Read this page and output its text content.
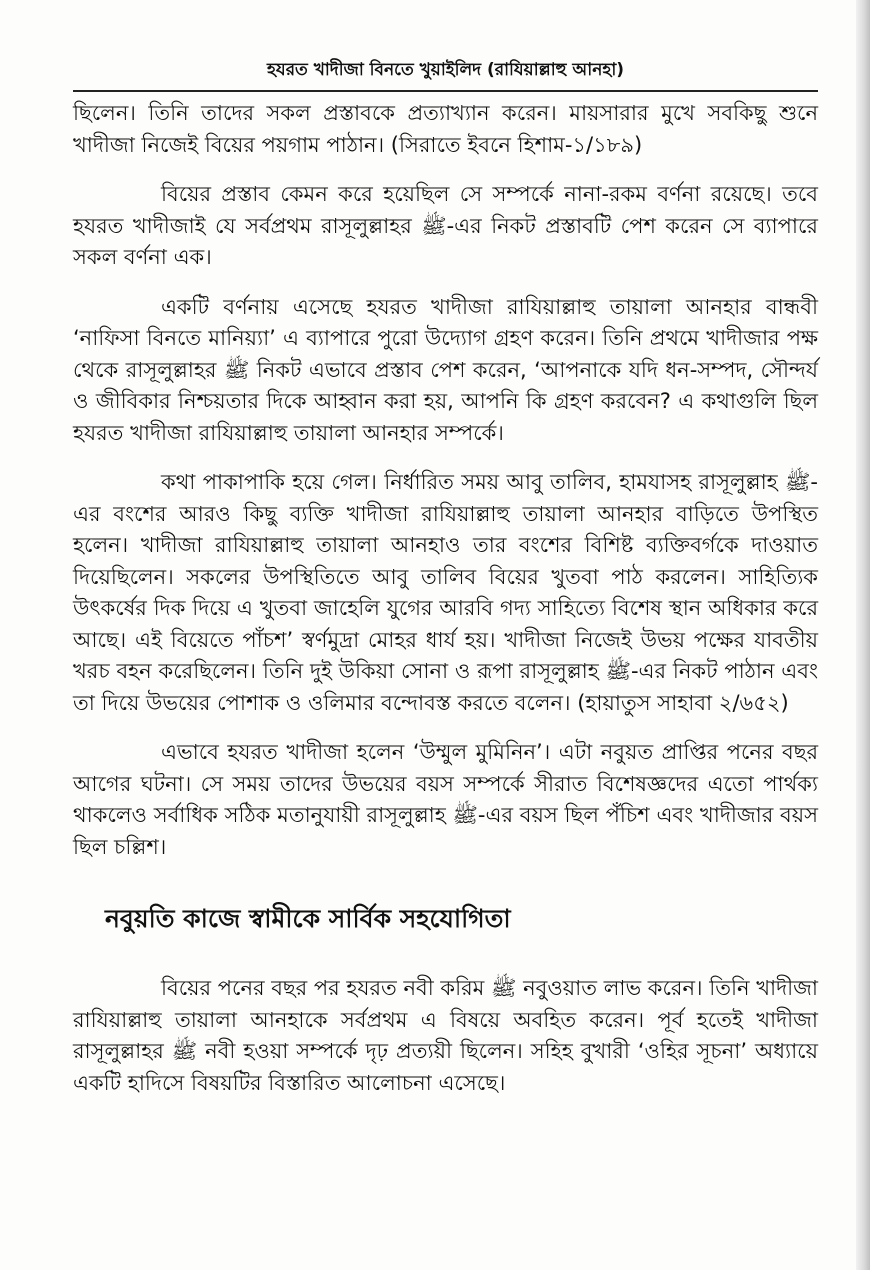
হযরত খাদীজা বিনতে খুয়াইলিদ (রাযিয়াল্লাহু আনহা)

ছিলেন। তিনি তাদের সকল প্রস্তাবকে প্রত্যাখ্যান করেন। মায়সারার মুখে সবকিছু শুনে খাদীজা নিজেই বিয়ের পয়গাম পাঠান। (সিরাতে ইবনে হিশাম-১/১৮৯)

বিয়ের প্রস্তাব কেমন করে হয়েছিল সে সম্পর্কে নানা-রকম বর্ণনা রয়েছে। তবে হযরত খাদীজাই যে সর্বপ্রথম রাসূলুল্লাহর ﷺ-এর নিকট প্রস্তাবটি পেশ করেন সে ব্যাপারে সকল বর্ণনা এক।

একটি বর্ণনায় এসেছে হযরত খাদীজা রাযিয়াল্লাহু তায়ালা আনহার বান্ধবী ‘নাফিসা বিনতে মানিয়্যা’ এ ব্যাপারে পুরো উদ্যোগ গ্রহণ করেন। তিনি প্রথমে খাদীজার পক্ষ থেকে রাসূলুল্লাহর ﷺ নিকট এভাবে প্রস্তাব পেশ করেন, ‘আপনাকে যদি ধন-সম্পদ, সৌন্দর্য ও জীবিকার নিশ্চয়তার দিকে আহ্বান করা হয়, আপনি কি গ্রহণ করবেন? এ কথাগুলি ছিল হযরত খাদীজা রাযিয়াল্লাহু তায়ালা আনহার সম্পর্কে।

কথা পাকাপাকি হয়ে গেল। নির্ধারিত সময় আবু তালিব, হামযাসহ রাসূলুল্লাহ ﷺ-এর বংশের আরও কিছু ব্যক্তি খাদীজা রাযিয়াল্লাহু তায়ালা আনহার বাড়িতে উপস্থিত হলেন। খাদীজা রাযিয়াল্লাহু তায়ালা আনহাও তার বংশের বিশিষ্ট ব্যক্তিবর্গকে দাওয়াত দিয়েছিলেন। সকলের উপস্থিতিতে আবু তালিব বিয়ের খুতবা পাঠ করলেন। সাহিত্যিক উৎকর্ষের দিক দিয়ে এ খুতবা জাহেলি যুগের আরবি গদ্য সাহিত্যে বিশেষ স্থান অধিকার করে আছে। এই বিয়েতে পাঁচশ’ স্বর্ণমুদ্রা মোহর ধার্য হয়। খাদীজা নিজেই উভয় পক্ষের যাবতীয় খরচ বহন করেছিলেন। তিনি দুই উকিয়া সোনা ও রূপা রাসূলুল্লাহ ﷺ-এর নিকট পাঠান এবং তা দিয়ে উভয়ের পোশাক ও ওলিমার বন্দোবস্ত করতে বলেন। (হায়াতুস সাহাবা ২/৬৫২)

এভাবে হযরত খাদীজা হলেন ‘উম্মুল মুমিনিন’। এটা নবুয়ত প্রাপ্তির পনের বছর আগের ঘটনা। সে সময় তাদের উভয়ের বয়স সম্পর্কে সীরাত বিশেষজ্ঞদের এতো পার্থক্য থাকলেও সর্বাধিক সঠিক মতানুযায়ী রাসূলুল্লাহ ﷺ-এর বয়স ছিল পঁচিশ এবং খাদীজার বয়স ছিল চল্লিশ।

নবুয়তি কাজে স্বামীকে সার্বিক সহযোগিতা

বিয়ের পনের বছর পর হযরত নবী করিম ﷺ নবুওয়াত লাভ করেন। তিনি খাদীজা রাযিয়াল্লাহু তায়ালা আনহাকে সর্বপ্রথম এ বিষয়ে অবহিত করেন। পূর্ব হতেই খাদীজা রাসূলুল্লাহর ﷺ নবী হওয়া সম্পর্কে দৃঢ় প্রত্যয়ী ছিলেন। সহিহ বুখারী ‘ওহির সূচনা’ অধ্যায়ে একটি হাদিসে বিষয়টির বিস্তারিত আলোচনা এসেছে।
